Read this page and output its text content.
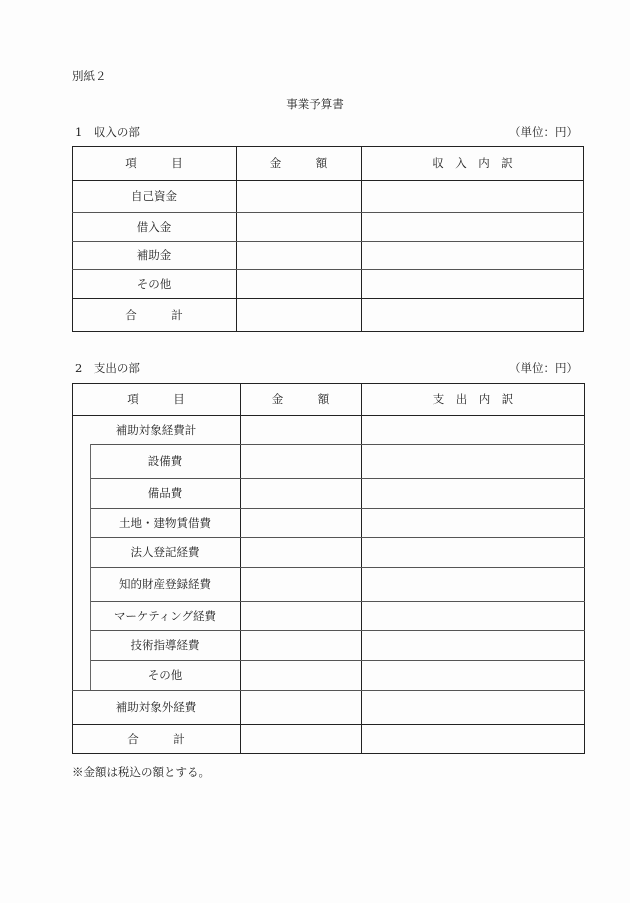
別紙２
事業予算書
1　収入の部	（単位：円）
項　　　目	金　　　額	収　入　内　訳
自己資金
借入金
補助金
その他
合　　　計
2　支出の部	（単位：円）
項　　　目	金　　　額	支　出　内　訳
補助対象経費計
設備費
備品費
土地・建物賃借費
法人登記経費
知的財産登録経費
マーケティング経費
技術指導経費
その他
補助対象外経費
合　　　計
※金額は税込の額とする。
